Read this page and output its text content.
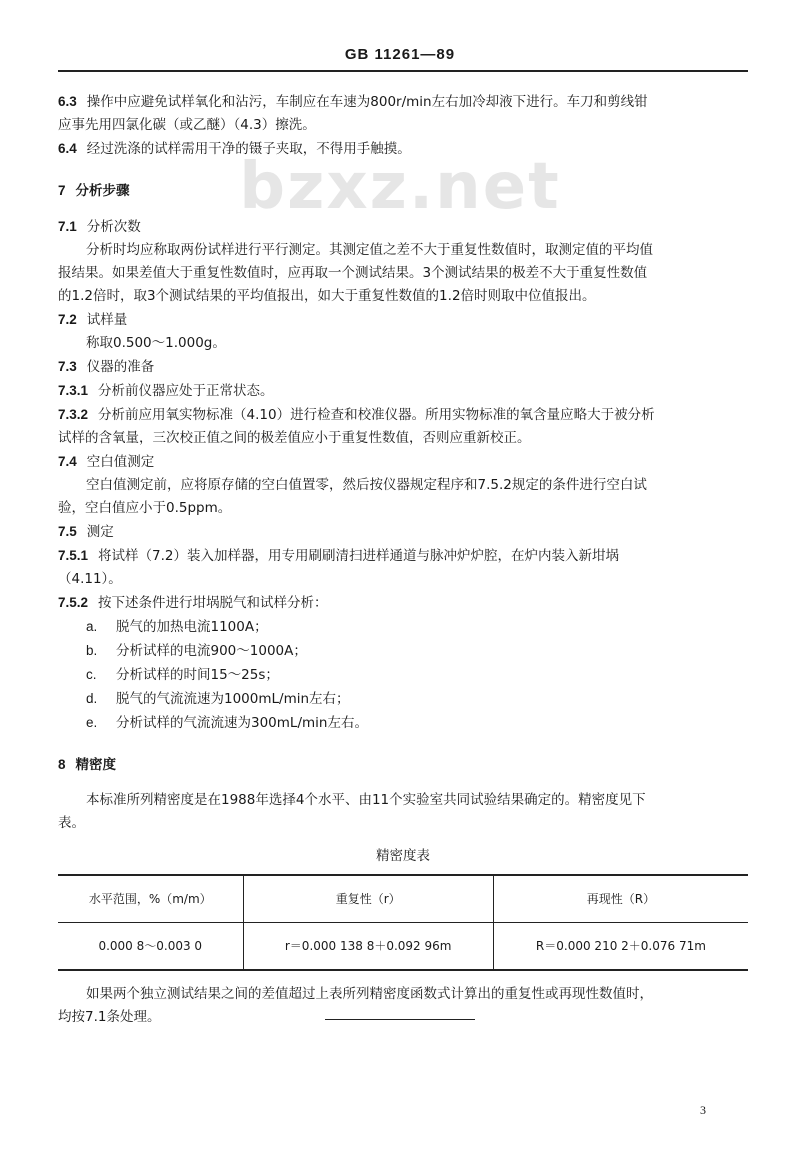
GB 11261—89
bzxz.net
6.3 操作中应避免试样氧化和沾污，车制应在车速为800r/min左右加冷却液下进行。车刀和剪线钳
应事先用四氯化碳（或乙醚）（4.3）擦洗。
6.4 经过洗涤的试样需用干净的镊子夹取，不得用手触摸。
7 分析步骤
7.1 分析次数
分析时均应称取两份试样进行平行测定。其测定值之差不大于重复性数值时，取测定值的平均值
报结果。如果差值大于重复性数值时，应再取一个测试结果。3个测试结果的极差不大于重复性数值
的1.2倍时，取3个测试结果的平均值报出，如大于重复性数值的1.2倍时则取中位值报出。
7.2 试样量
称取0.500～1.000g。
7.3 仪器的准备
7.3.1 分析前仪器应处于正常状态。
7.3.2 分析前应用氧实物标准（4.10）进行检查和校准仪器。所用实物标准的氧含量应略大于被分析
试样的含氧量，三次校正值之间的极差值应小于重复性数值，否则应重新校正。
7.4 空白值测定
空白值测定前，应将原存储的空白值置零，然后按仪器规定程序和7.5.2规定的条件进行空白试
验，空白值应小于0.5ppm。
7.5 测定
7.5.1 将试样（7.2）装入加样器，用专用刷刷清扫进样通道与脉冲炉炉腔，在炉内装入新坩埚
（4.11）。
7.5.2 按下述条件进行坩埚脱气和试样分析：
a. 脱气的加热电流1100A；
b. 分析试样的电流900～1000A；
c. 分析试样的时间15～25s；
d. 脱气的气流流速为1000mL/min左右；
e. 分析试样的气流流速为300mL/min左右。
8 精密度
本标准所列精密度是在1988年选择4个水平、由11个实验室共同试验结果确定的。精密度见下
表。
精密度表
水平范围，%（m/m）	重复性（r）	再现性（R）
0.000 8～0.003 0	r＝0.000 138 8＋0.092 96m	R＝0.000 210 2＋0.076 71m
如果两个独立测试结果之间的差值超过上表所列精密度函数式计算出的重复性或再现性数值时，
均按7.1条处理。
3
